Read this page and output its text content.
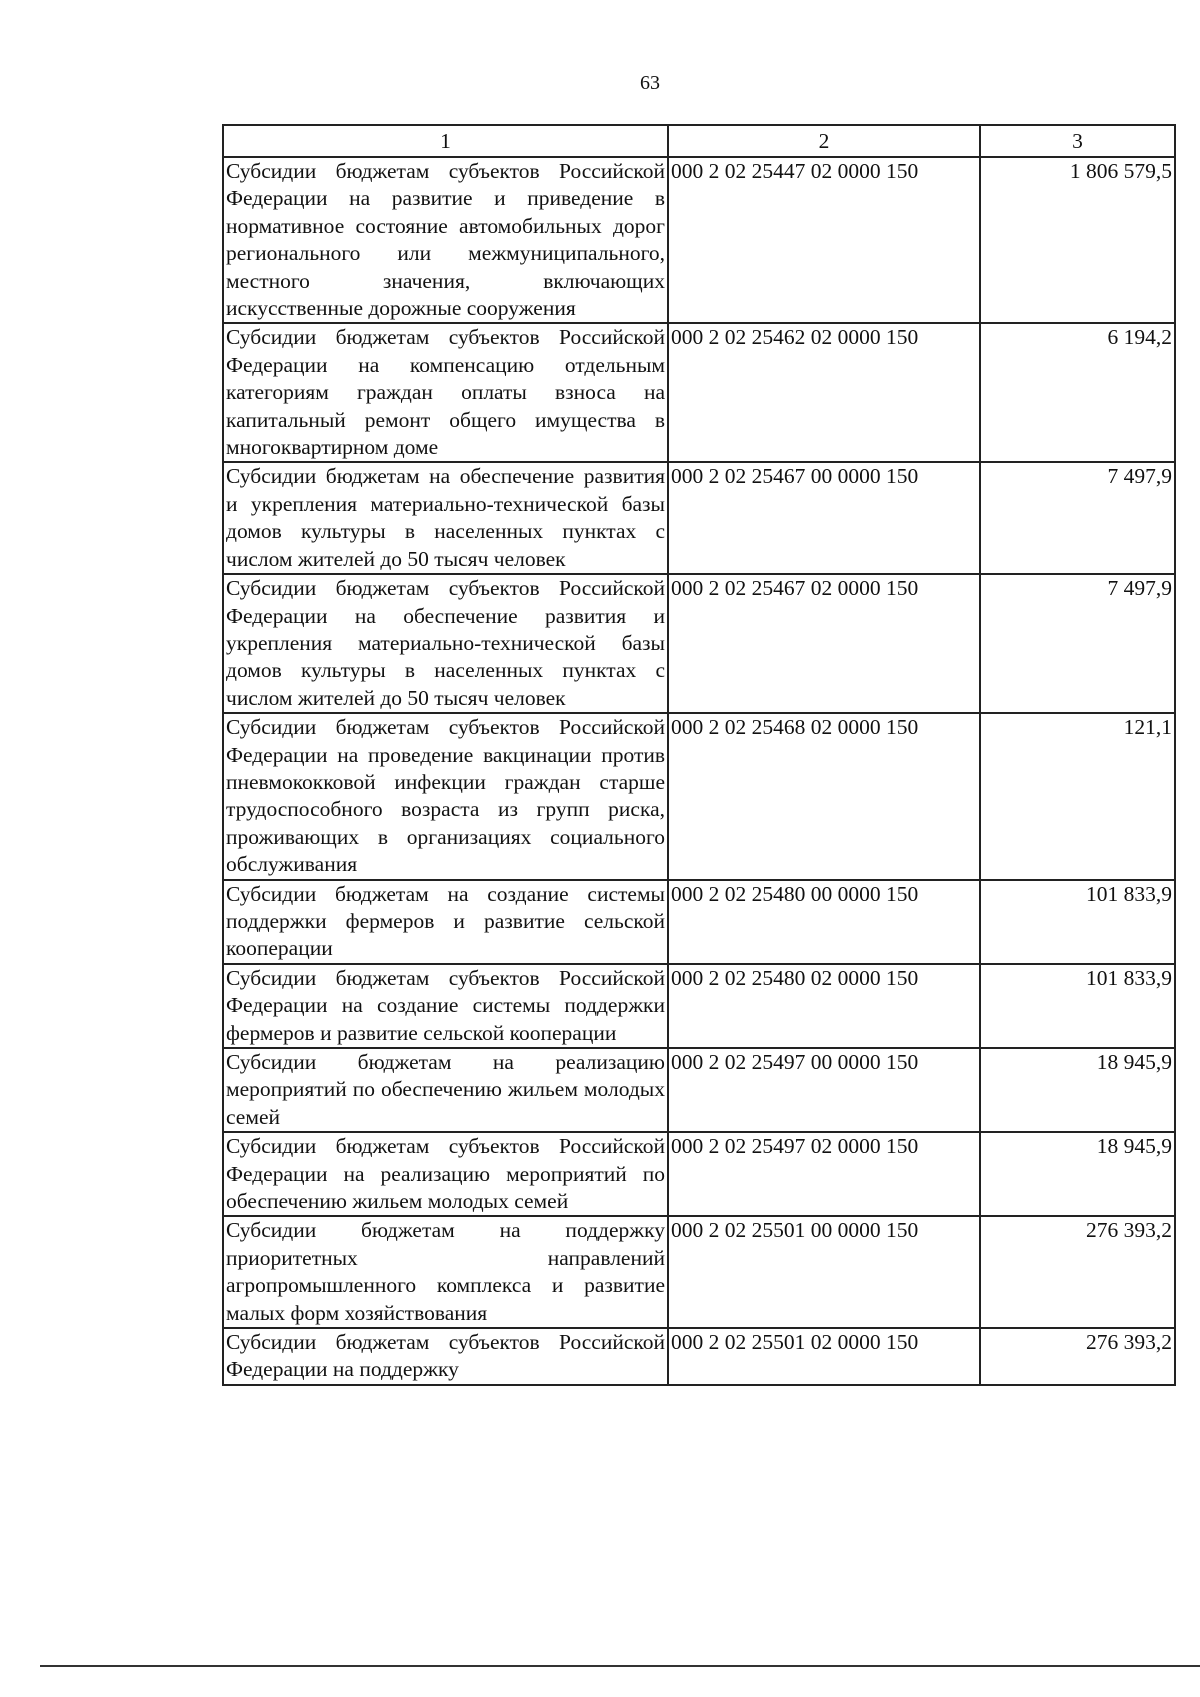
63
1	2	3
Субсидии бюджетам субъектов Российской Федерации на развитие и приведение в нормативное состояние автомобильных дорог регионального или межмуниципального, местного значения, включающих искусственные дорожные сооружения	000 2 02 25447 02 0000 150	1 806 579,5
Субсидии бюджетам субъектов Российской Федерации на компенсацию отдельным категориям граждан оплаты взноса на капитальный ремонт общего имущества в многоквартирном доме	000 2 02 25462 02 0000 150	6 194,2
Субсидии бюджетам на обеспечение развития и укрепления материально-технической базы домов культуры в населенных пунктах с числом жителей до 50 тысяч человек	000 2 02 25467 00 0000 150	7 497,9
Субсидии бюджетам субъектов Российской Федерации на обеспечение развития и укрепления материально-технической базы домов культуры в населенных пунктах с числом жителей до 50 тысяч человек	000 2 02 25467 02 0000 150	7 497,9
Субсидии бюджетам субъектов Российской Федерации на проведение вакцинации против пневмококковой инфекции граждан старше трудоспособного возраста из групп риска, проживающих в организациях социального обслуживания	000 2 02 25468 02 0000 150	121,1
Субсидии бюджетам на создание системы поддержки фермеров и развитие сельской кооперации	000 2 02 25480 00 0000 150	101 833,9
Субсидии бюджетам субъектов Российской Федерации на создание системы поддержки фермеров и развитие сельской кооперации	000 2 02 25480 02 0000 150	101 833,9
Субсидии бюджетам на реализацию мероприятий по обеспечению жильем молодых семей	000 2 02 25497 00 0000 150	18 945,9
Субсидии бюджетам субъектов Российской Федерации на реализацию мероприятий по обеспечению жильем молодых семей	000 2 02 25497 02 0000 150	18 945,9
Субсидии бюджетам на поддержку приоритетных направлений агропромышленного комплекса и развитие малых форм хозяйствования	000 2 02 25501 00 0000 150	276 393,2
Субсидии бюджетам субъектов Российской Федерации на поддержку	000 2 02 25501 02 0000 150	276 393,2
